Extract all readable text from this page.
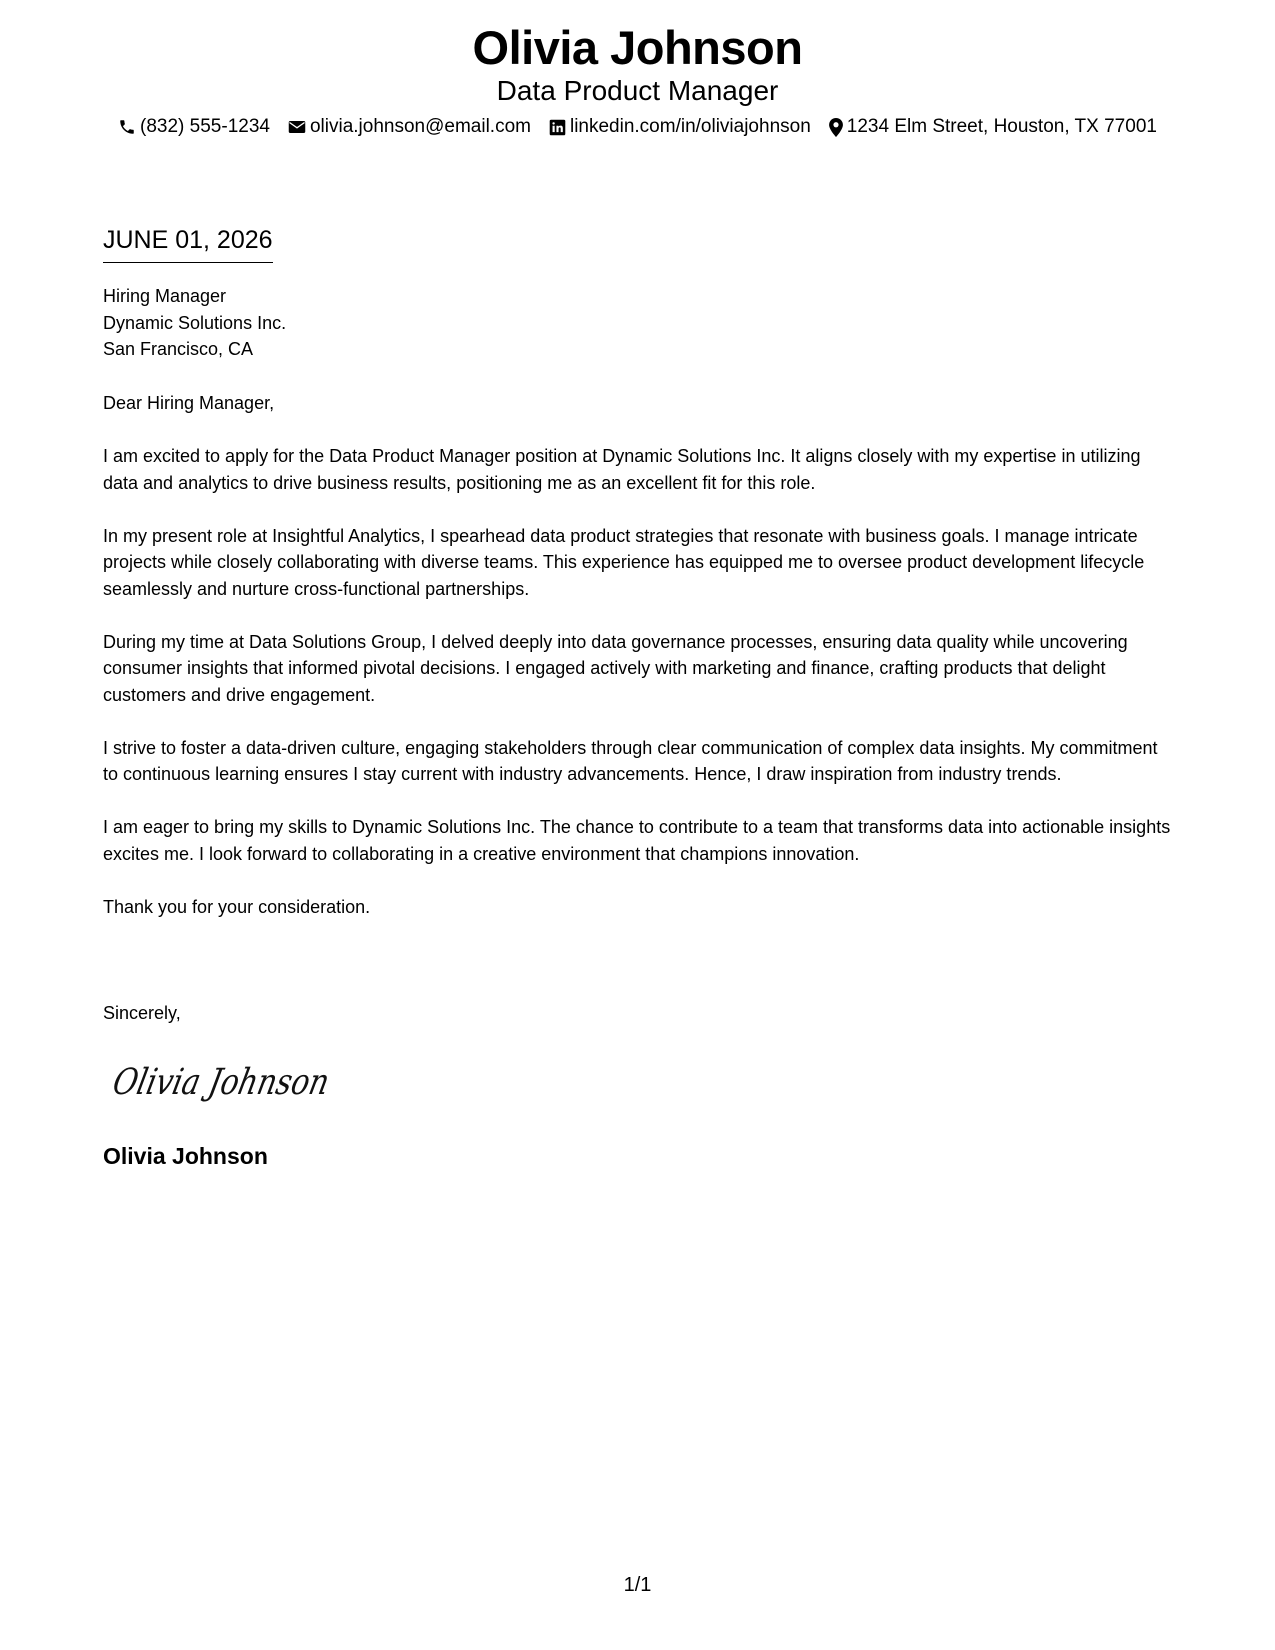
Olivia Johnson
Data Product Manager
(832) 555-1234 olivia.johnson@email.com linkedin.com/in/oliviajohnson 1234 Elm Street, Houston, TX 77001
JUNE 01, 2026
Hiring Manager
Dynamic Solutions Inc.
San Francisco, CA

Dear Hiring Manager,

I am excited to apply for the Data Product Manager position at Dynamic Solutions Inc. It aligns closely with my expertise in utilizing data and analytics to drive business results, positioning me as an excellent fit for this role.

In my present role at Insightful Analytics, I spearhead data product strategies that resonate with business goals. I manage intricate projects while closely collaborating with diverse teams. This experience has equipped me to oversee product development lifecycle seamlessly and nurture cross-functional partnerships.

During my time at Data Solutions Group, I delved deeply into data governance processes, ensuring data quality while uncovering consumer insights that informed pivotal decisions. I engaged actively with marketing and finance, crafting products that delight customers and drive engagement.

I strive to foster a data-driven culture, engaging stakeholders through clear communication of complex data insights. My commitment to continuous learning ensures I stay current with industry advancements. Hence, I draw inspiration from industry trends.

I am eager to bring my skills to Dynamic Solutions Inc. The chance to contribute to a team that transforms data into actionable insights excites me. I look forward to collaborating in a creative environment that champions innovation.

Thank you for your consideration.

Sincerely,
Olivia Johnson
Olivia Johnson
1/1
